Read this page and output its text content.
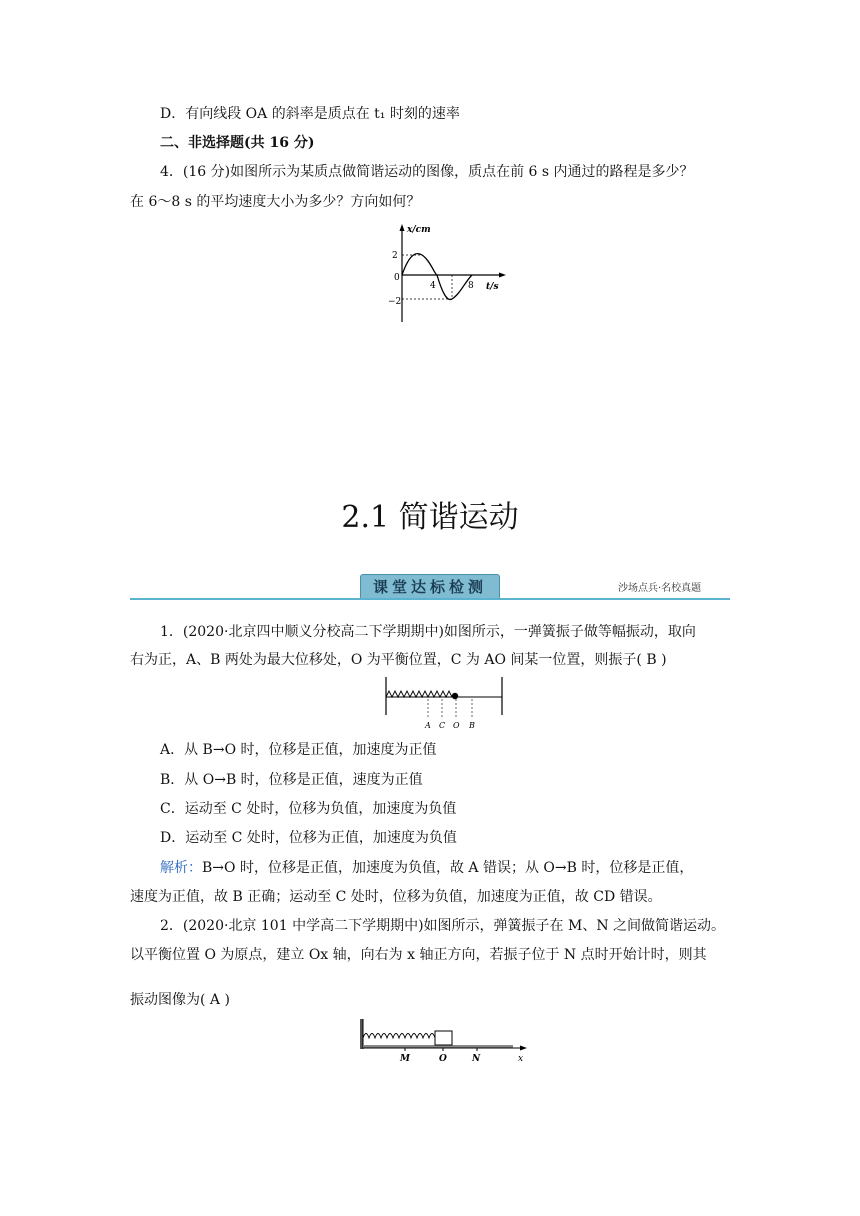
D．有向线段 OA 的斜率是质点在 t₁ 时刻的速率
二、非选择题(共 16 分)
4．(16 分)如图所示为某质点做简谐运动的图像，质点在前 6 s 内通过的路程是多少？
在 6～8 s 的平均速度大小为多少？方向如何？
x/cm
2
0
−2
4	8 t/s
2.1 简谐运动
课堂达标检测	沙场点兵·名校真题
1．(2020·北京四中顺义分校高二下学期期中)如图所示，一弹簧振子做等幅振动，取向
右为正，A、B 两处为最大位移处，O 为平衡位置，C 为 AO 间某一位置，则振子( B )
A C O B
A．从 B→O 时，位移是正值，加速度为正值
B．从 O→B 时，位移是正值，速度为正值
C．运动至 C 处时，位移为负值，加速度为负值
D．运动至 C 处时，位移为正值，加速度为负值
解析：B→O 时，位移是正值，加速度为负值，故 A 错误；从 O→B 时，位移是正值，
速度为正值，故 B 正确；运动至 C 处时，位移为负值，加速度为正值，故 CD 错误。
2．(2020·北京 101 中学高二下学期期中)如图所示，弹簧振子在 M、N 之间做简谐运动。
以平衡位置 O 为原点，建立 Ox 轴，向右为 x 轴正方向，若振子位于 N 点时开始计时，则其
振动图像为( A )
M	O	N	x
